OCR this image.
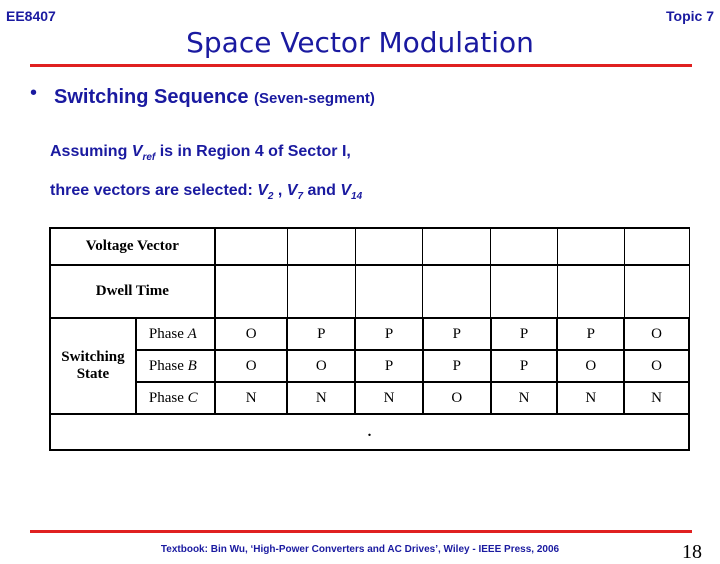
EE8407	Topic 7
Space Vector Modulation
• Switching Sequence (Seven-segment)
Assuming $V_{ref}$ is in Region 4 of Sector I,
three vectors are selected: $V_2$ , $V_7$ and $V_{14}$
Voltage Vector								
Dwell Time								
Switching State	Phase A	O	P	P	P	P	P	O
	Phase B	O	O	P	P	P	O	O
	Phase C	N	N	N	O	N	N	N
.								
Textbook: Bin Wu, ‘High-Power Converters and AC Drives’, Wiley - IEEE Press, 2006	18
